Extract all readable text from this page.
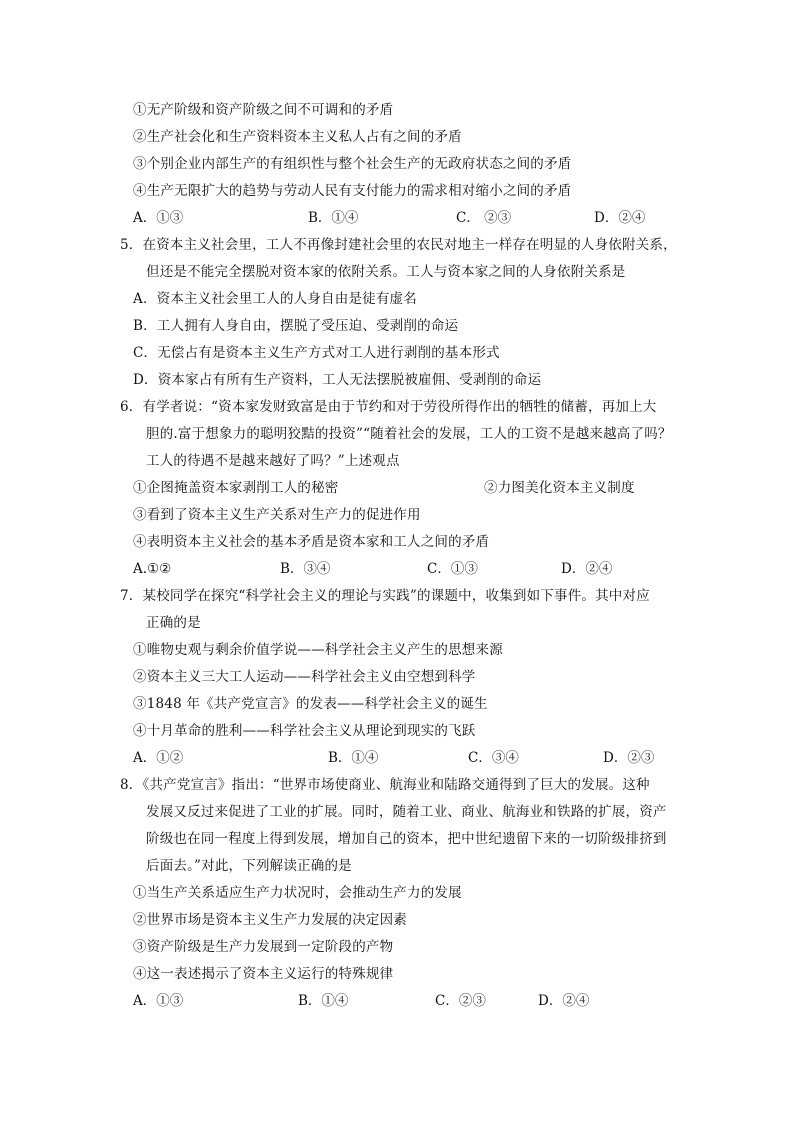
①无产阶级和资产阶级之间不可调和的矛盾
②生产社会化和生产资料资本主义私人占有之间的矛盾
③个别企业内部生产的有组织性与整个社会生产的无政府状态之间的矛盾
④生产无限扩大的趋势与劳动人民有支付能力的需求相对缩小之间的矛盾
A．①③	B．①④	C． ②③	D．②④
5．在资本主义社会里，工人不再像封建社会里的农民对地主一样存在明显的人身依附关系，
但还是不能完全摆脱对资本家的依附关系。工人与资本家之间的人身依附关系是
A．资本主义社会里工人的人身自由是徒有虚名
B．工人拥有人身自由，摆脱了受压迫、受剥削的命运
C．无偿占有是资本主义生产方式对工人进行剥削的基本形式
D．资本家占有所有生产资料，工人无法摆脱被雇佣、受剥削的命运
6．有学者说：“资本家发财致富是由于节约和对于劳役所得作出的牺牲的储蓄，再加上大
胆的.富于想象力的聪明狡黠的投资”“随着社会的发展，工人的工资不是越来越高了吗？
工人的待遇不是越来越好了吗？”上述观点
①企图掩盖资本家剥削工人的秘密	②力图美化资本主义制度
③看到了资本主义生产关系对生产力的促进作用
④表明资本主义社会的基本矛盾是资本家和工人之间的矛盾
A.①②	B．③④	C．①③	D．②④
7．某校同学在探究“科学社会主义的理论与实践”的课题中，收集到如下事件。其中对应
正确的是
①唯物史观与剩余价值学说——科学社会主义产生的思想来源
②资本主义三大工人运动——科学社会主义由空想到科学
③1848 年《共产党宣言》的发表——科学社会主义的诞生
④十月革命的胜利——科学社会主义从理论到现实的飞跃
A．①②	B．①④	C．③④	D．②③
8．《共产党宣言》指出：“世界市场使商业、航海业和陆路交通得到了巨大的发展。这种
发展又反过来促进了工业的扩展。同时，随着工业、商业、航海业和铁路的扩展，资产
阶级也在同一程度上得到发展，增加自己的资本，把中世纪遗留下来的一切阶级排挤到
后面去。”对此，下列解读正确的是
①当生产关系适应生产力状况时，会推动生产力的发展
②世界市场是资本主义生产力发展的决定因素
③资产阶级是生产力发展到一定阶段的产物
④这一表述揭示了资本主义运行的特殊规律
A．①③	B．①④	C．②③	D．②④
